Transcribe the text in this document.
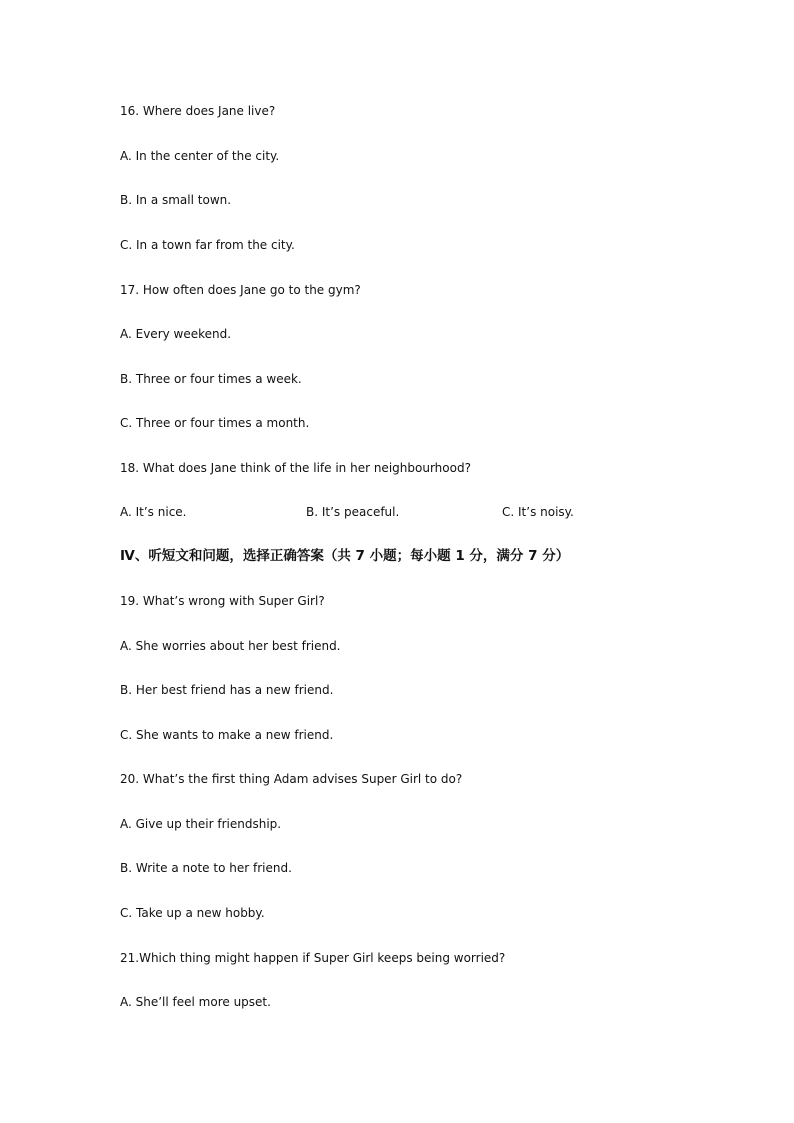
16. Where does Jane live?
A. In the center of the city.
B. In a small town.
C. In a town far from the city.
17. How often does Jane go to the gym?
A. Every weekend.
B. Three or four times a week.
C. Three or four times a month.
18. What does Jane think of the life in her neighbourhood?
A. It’s nice.	B. It’s peaceful.	C. It’s noisy.
Ⅳ、听短文和问题，选择正确答案（共 7 小题；每小题 1 分，满分 7 分）
19. What’s wrong with Super Girl?
A. She worries about her best friend.
B. Her best friend has a new friend.
C. She wants to make a new friend.
20. What’s the first thing Adam advises Super Girl to do?
A. Give up their friendship.
B. Write a note to her friend.
C. Take up a new hobby.
21.Which thing might happen if Super Girl keeps being worried?
A. She’ll feel more upset.
